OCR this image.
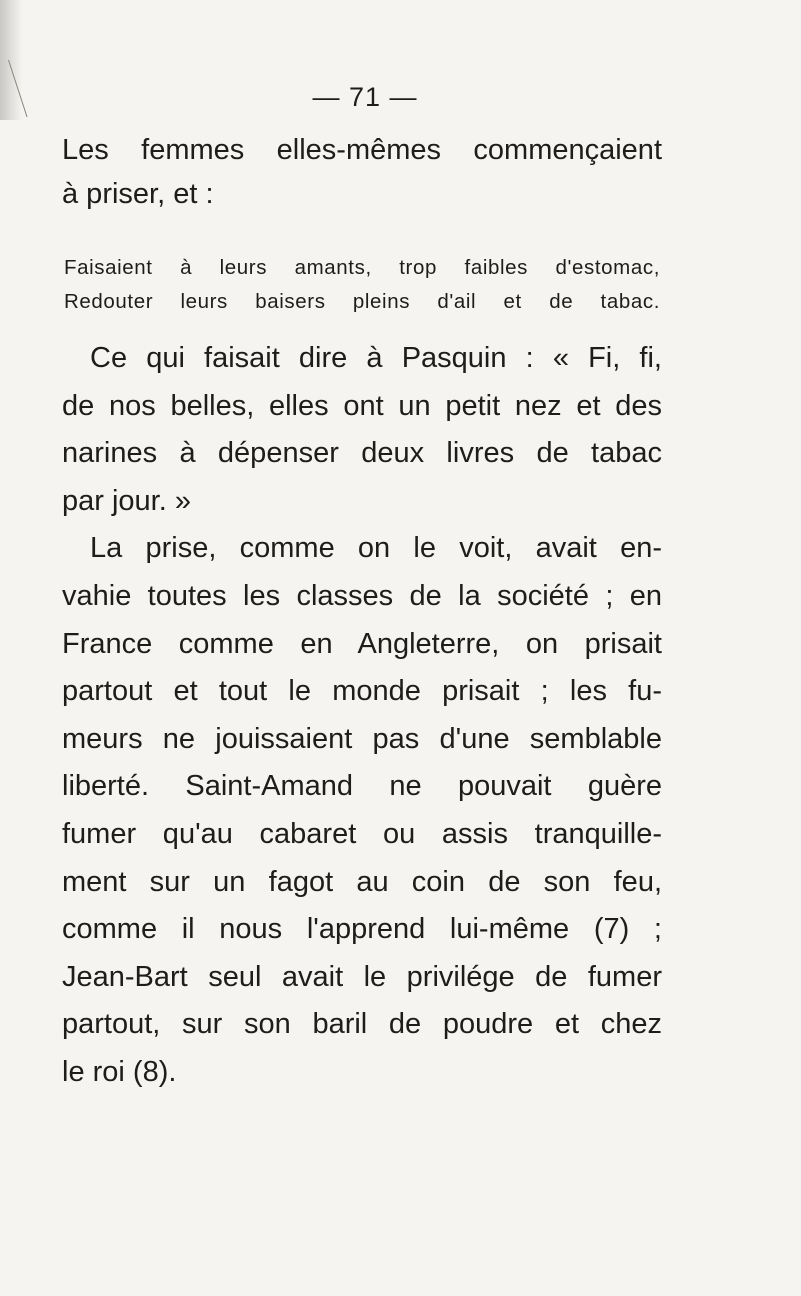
— 71 —
Les femmes elles-mêmes commençaient
à priser, et :
Faisaient à leurs amants, trop faibles d'estomac,
Redouter leurs baisers pleins d'ail et de tabac.
Ce qui faisait dire à Pasquin : « Fi, fi,
de nos belles, elles ont un petit nez et des
narines à dépenser deux livres de tabac
par jour. »
La prise, comme on le voit, avait en-
vahie toutes les classes de la société ; en
France comme en Angleterre, on prisait
partout et tout le monde prisait ; les fu-
meurs ne jouissaient pas d'une semblable
liberté. Saint-Amand ne pouvait guère
fumer qu'au cabaret ou assis tranquille-
ment sur un fagot au coin de son feu,
comme il nous l'apprend lui-même (7) ;
Jean-Bart seul avait le privilége de fumer
partout, sur son baril de poudre et chez
le roi (8).
